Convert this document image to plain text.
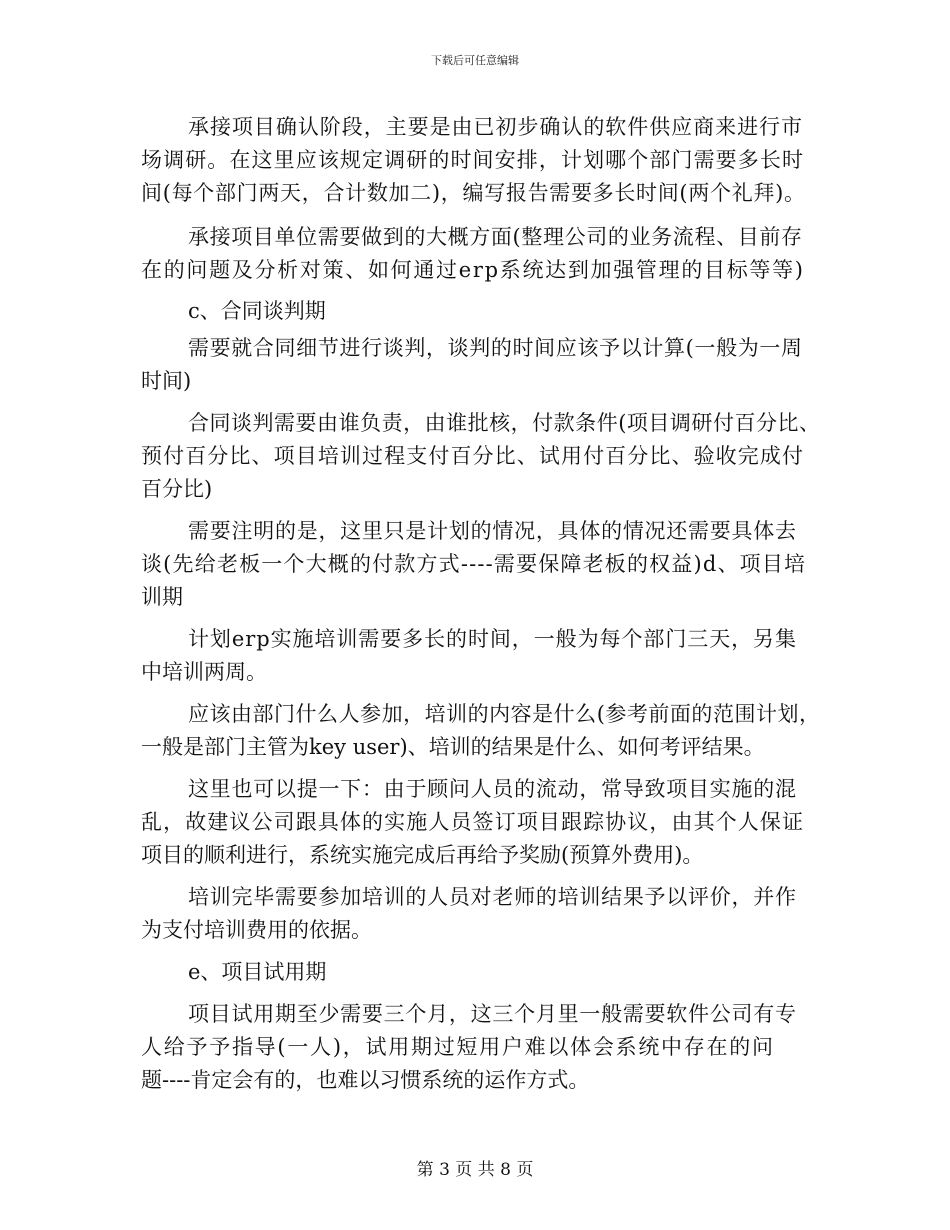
下载后可任意编辑
承接项目确认阶段，主要是由已初步确认的软件供应商来进行市
场调研。在这里应该规定调研的时间安排，计划哪个部门需要多长时
间(每个部门两天，合计数加二)，编写报告需要多长时间(两个礼拜)。
承接项目单位需要做到的大概方面(整理公司的业务流程、目前存
在的问题及分析对策、如何通过erp系统达到加强管理的目标等等)
c、合同谈判期
需要就合同细节进行谈判，谈判的时间应该予以计算(一般为一周
时间)
合同谈判需要由谁负责，由谁批核，付款条件(项目调研付百分比、
预付百分比、项目培训过程支付百分比、试用付百分比、验收完成付
百分比)
需要注明的是，这里只是计划的情况，具体的情况还需要具体去
谈(先给老板一个大概的付款方式----需要保障老板的权益)d、项目培
训期
计划erp实施培训需要多长的时间，一般为每个部门三天，另集
中培训两周。
应该由部门什么人参加，培训的内容是什么(参考前面的范围计划，
一般是部门主管为key user)、培训的结果是什么、如何考评结果。
这里也可以提一下：由于顾问人员的流动，常导致项目实施的混
乱，故建议公司跟具体的实施人员签订项目跟踪协议，由其个人保证
项目的顺利进行，系统实施完成后再给予奖励(预算外费用)。
培训完毕需要参加培训的人员对老师的培训结果予以评价，并作
为支付培训费用的依据。
e、项目试用期
项目试用期至少需要三个月，这三个月里一般需要软件公司有专
人给予予指导(一人)，试用期过短用户难以体会系统中存在的问
题----肯定会有的，也难以习惯系统的运作方式。
第 3 页 共 8 页
